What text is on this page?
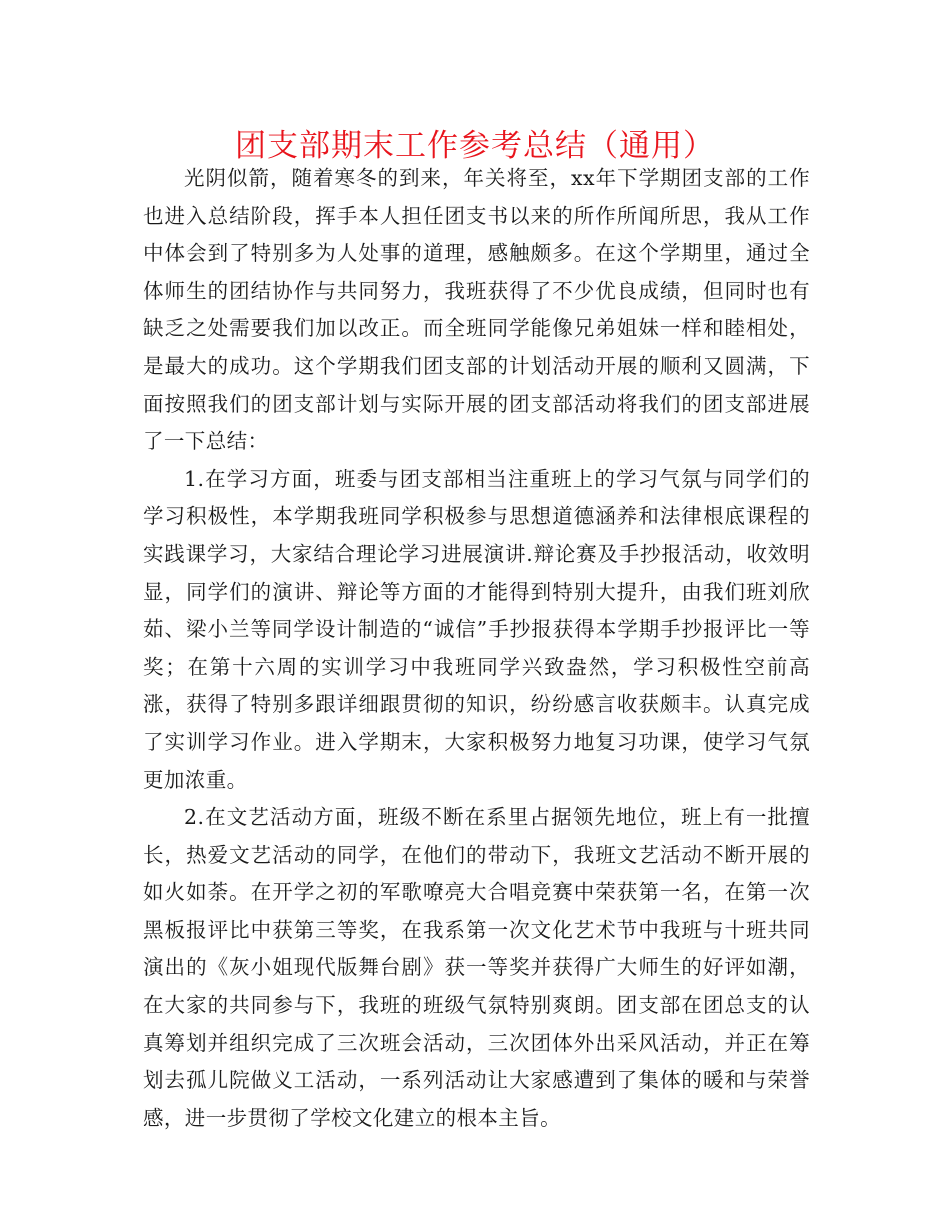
团支部期末工作参考总结（通用）

光阴似箭，随着寒冬的到来，年关将至，xx年下学期团支部的工作也进入总结阶段，挥手本人担任团支书以来的所作所闻所思，我从工作中体会到了特别多为人处事的道理，感触颇多。在这个学期里，通过全体师生的团结协作与共同努力，我班获得了不少优良成绩，但同时也有缺乏之处需要我们加以改正。而全班同学能像兄弟姐妹一样和睦相处，是最大的成功。这个学期我们团支部的计划活动开展的顺利又圆满，下面按照我们的团支部计划与实际开展的团支部活动将我们的团支部进展了一下总结：

1.在学习方面，班委与团支部相当注重班上的学习气氛与同学们的学习积极性，本学期我班同学积极参与思想道德涵养和法律根底课程的实践课学习，大家结合理论学习进展演讲.辩论赛及手抄报活动，收效明显，同学们的演讲、辩论等方面的才能得到特别大提升，由我们班刘欣茹、梁小兰等同学设计制造的“诚信”手抄报获得本学期手抄报评比一等奖；在第十六周的实训学习中我班同学兴致盎然，学习积极性空前高涨，获得了特别多跟详细跟贯彻的知识，纷纷感言收获颇丰。认真完成了实训学习作业。进入学期末，大家积极努力地复习功课，使学习气氛更加浓重。

2.在文艺活动方面，班级不断在系里占据领先地位，班上有一批擅长，热爱文艺活动的同学，在他们的带动下，我班文艺活动不断开展的如火如荼。在开学之初的军歌嘹亮大合唱竞赛中荣获第一名，在第一次黑板报评比中获第三等奖，在我系第一次文化艺术节中我班与十班共同演出的《灰小姐现代版舞台剧》获一等奖并获得广大师生的好评如潮，在大家的共同参与下，我班的班级气氛特别爽朗。团支部在团总支的认真筹划并组织完成了三次班会活动，三次团体外出采风活动，并正在筹划去孤儿院做义工活动，一系列活动让大家感遭到了集体的暖和与荣誉感，进一步贯彻了学校文化建立的根本主旨。
